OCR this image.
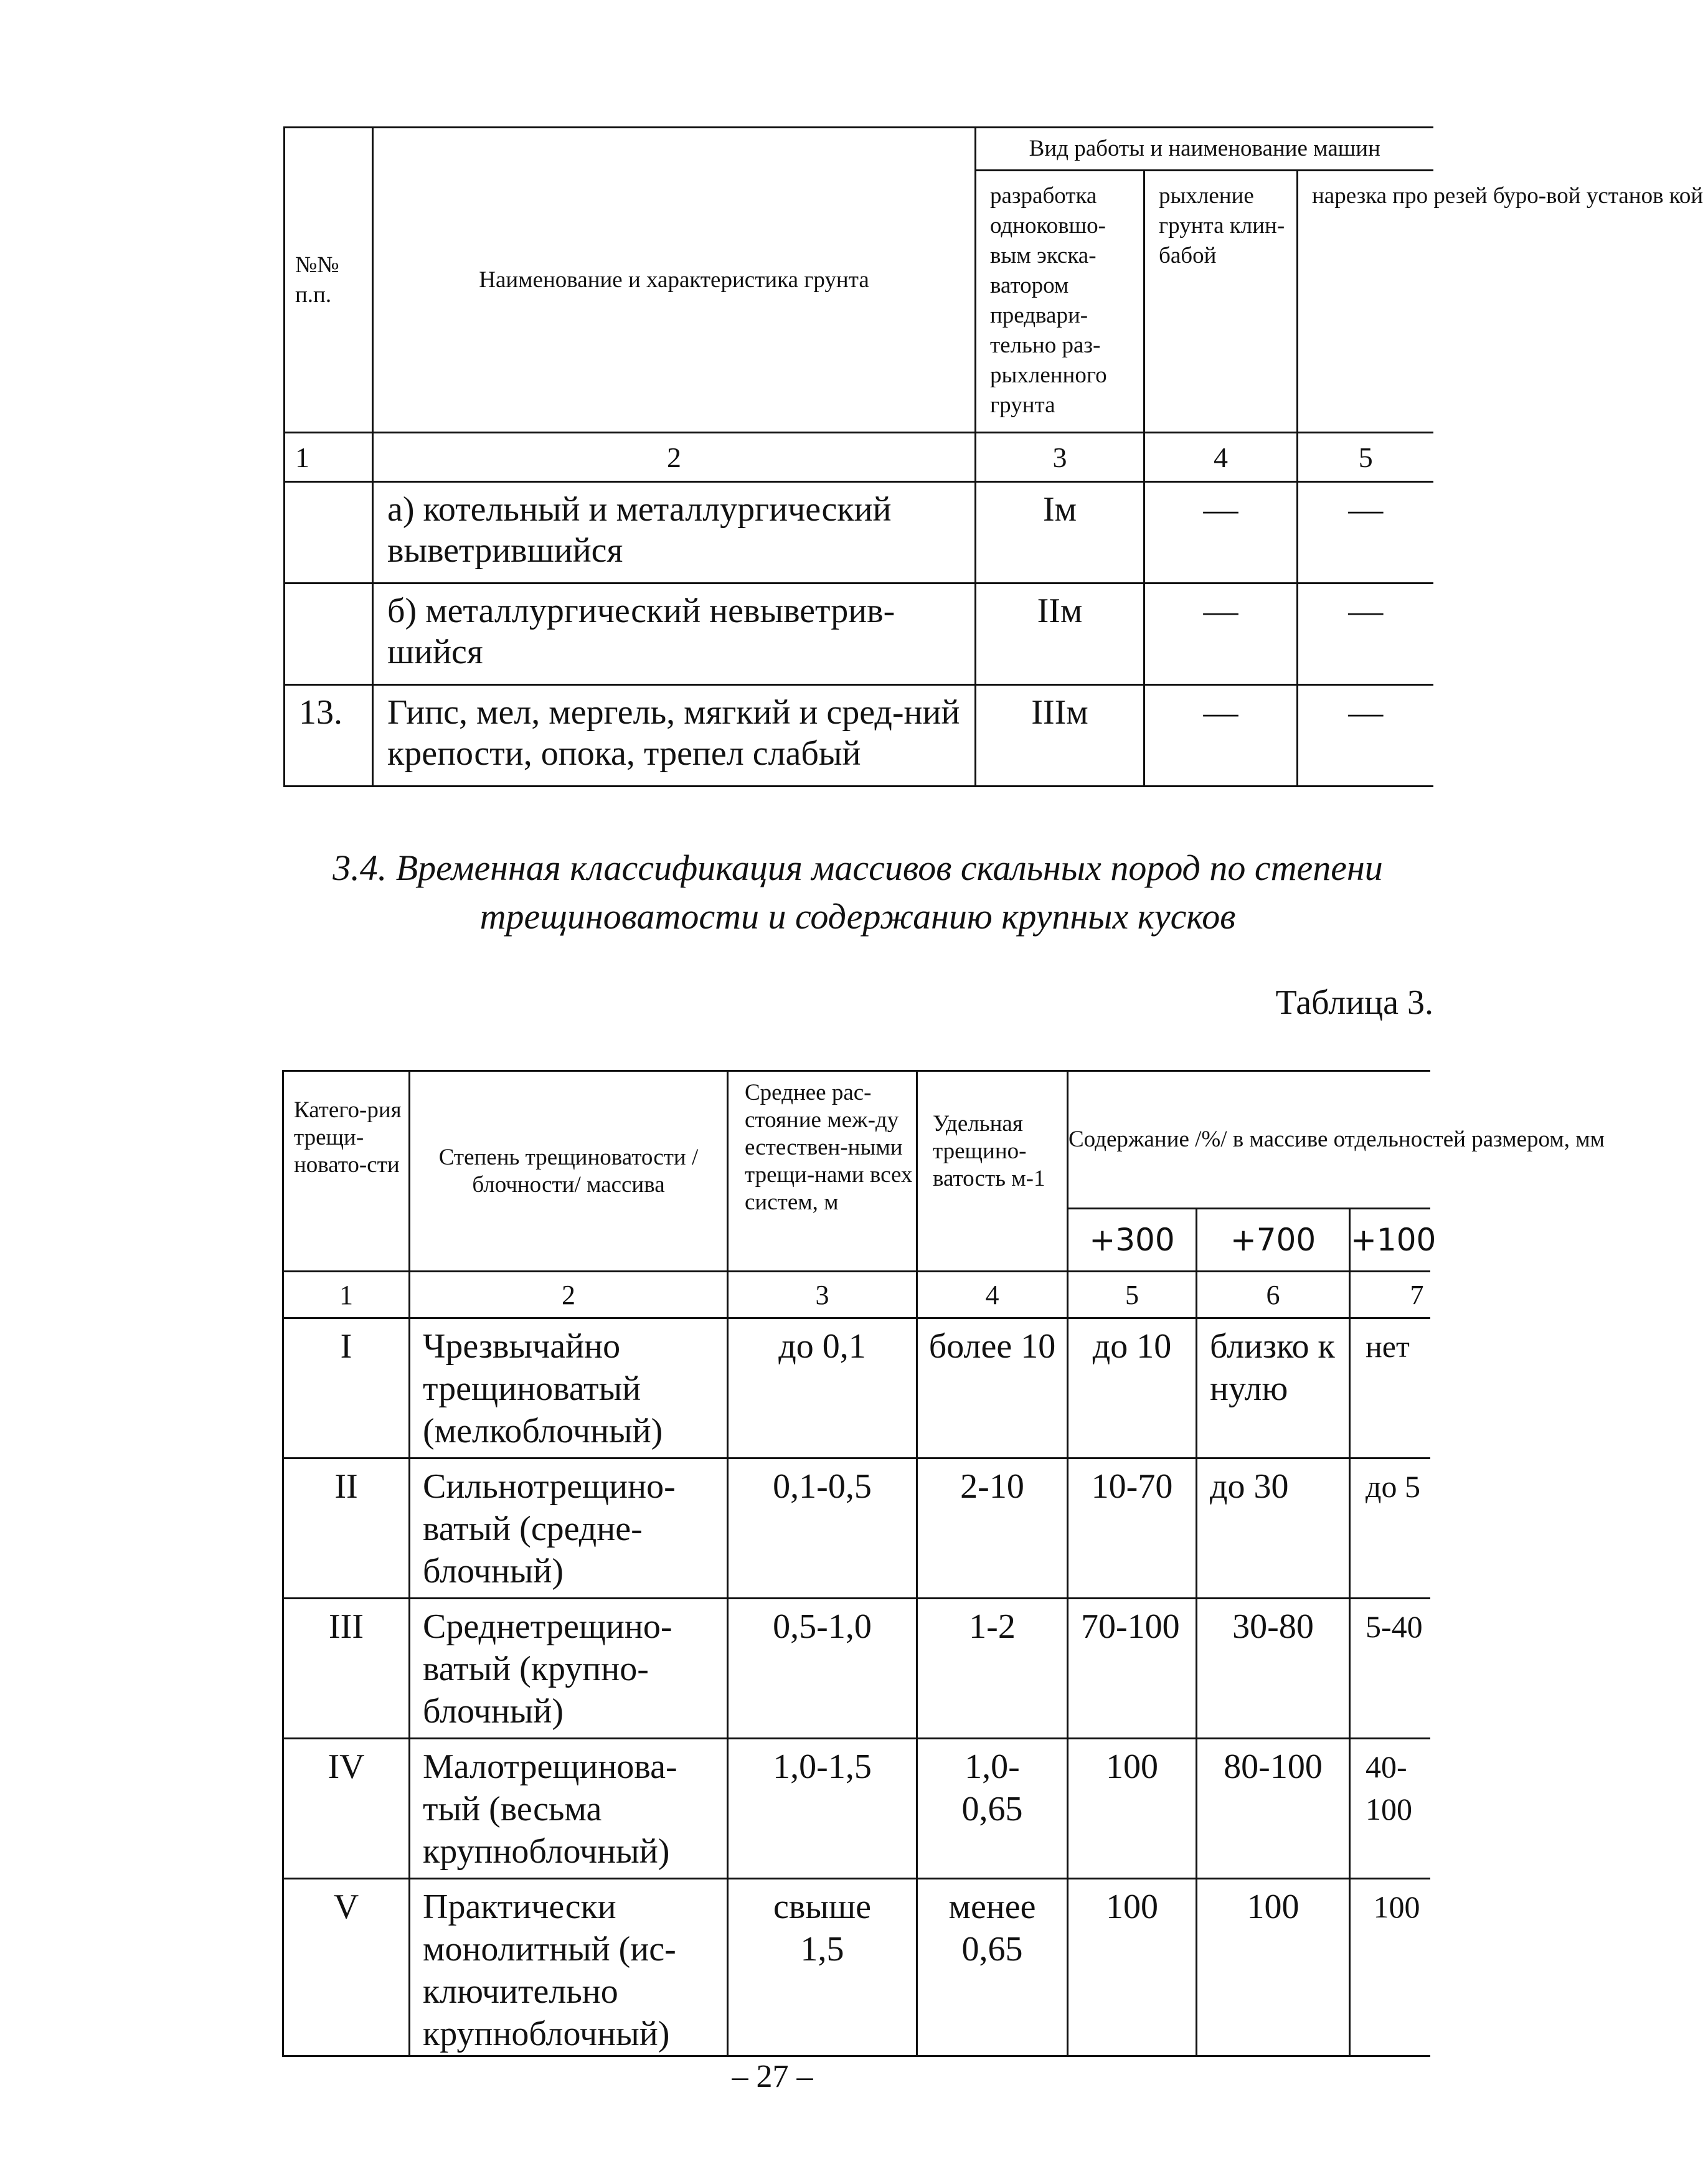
№№ п.п.	Наименование и характеристика грунта	Вид работы и наименование машин		
		разработка одноковшо-вым экска-ватором предвари-тельно раз-рыхленного грунта	рыхление грунта клин-бабой	нарезка про резей буро-вой установ кой
1	2	3	4	5
	а) котельный и металлургический выветрившийся	Iм	—	—
	б) металлургический невыветрив-шийся	IIм	—	—
13.	Гипс, мел, мергель, мягкий и сред-ний крепости, опока, трепел слабый	IIIм	—	—
3.4. Временная классификация массивов скальных пород по степени трещиноватости и содержанию крупных кусков
Таблица 3.
Катего-рия трещи-новато-сти	Степень трещиноватости /блочности/ массива	Среднее рас-стояние меж-ду естествен-ными трещи-нами всех систем, м	Удельная трещино-ватость м-1	Содержание /%/ в массиве отдельностей размером, мм		
				+300	+700	+100
1	2	3	4	5	6	7
I	Чрезвычайно трещиноватый (мелкоблочный)	до 0,1	более 10	до 10	близко к нулю	нет
II	Сильнотрещино-ватый (средне-блочный)	0,1-0,5	2-10	10-70	до 30	до 5
III	Среднетрещино-ватый (крупно-блочный)	0,5-1,0	1-2	70-100	30-80	5-40
IV	Малотрещинова-тый (весьма крупноблочный)	1,0-1,5	1,0-0,65	100	80-100	40-100
V	Практически монолитный (ис-ключительно крупноблочный)	свыше 1,5	менее 0,65	100	100	100
– 27 –
